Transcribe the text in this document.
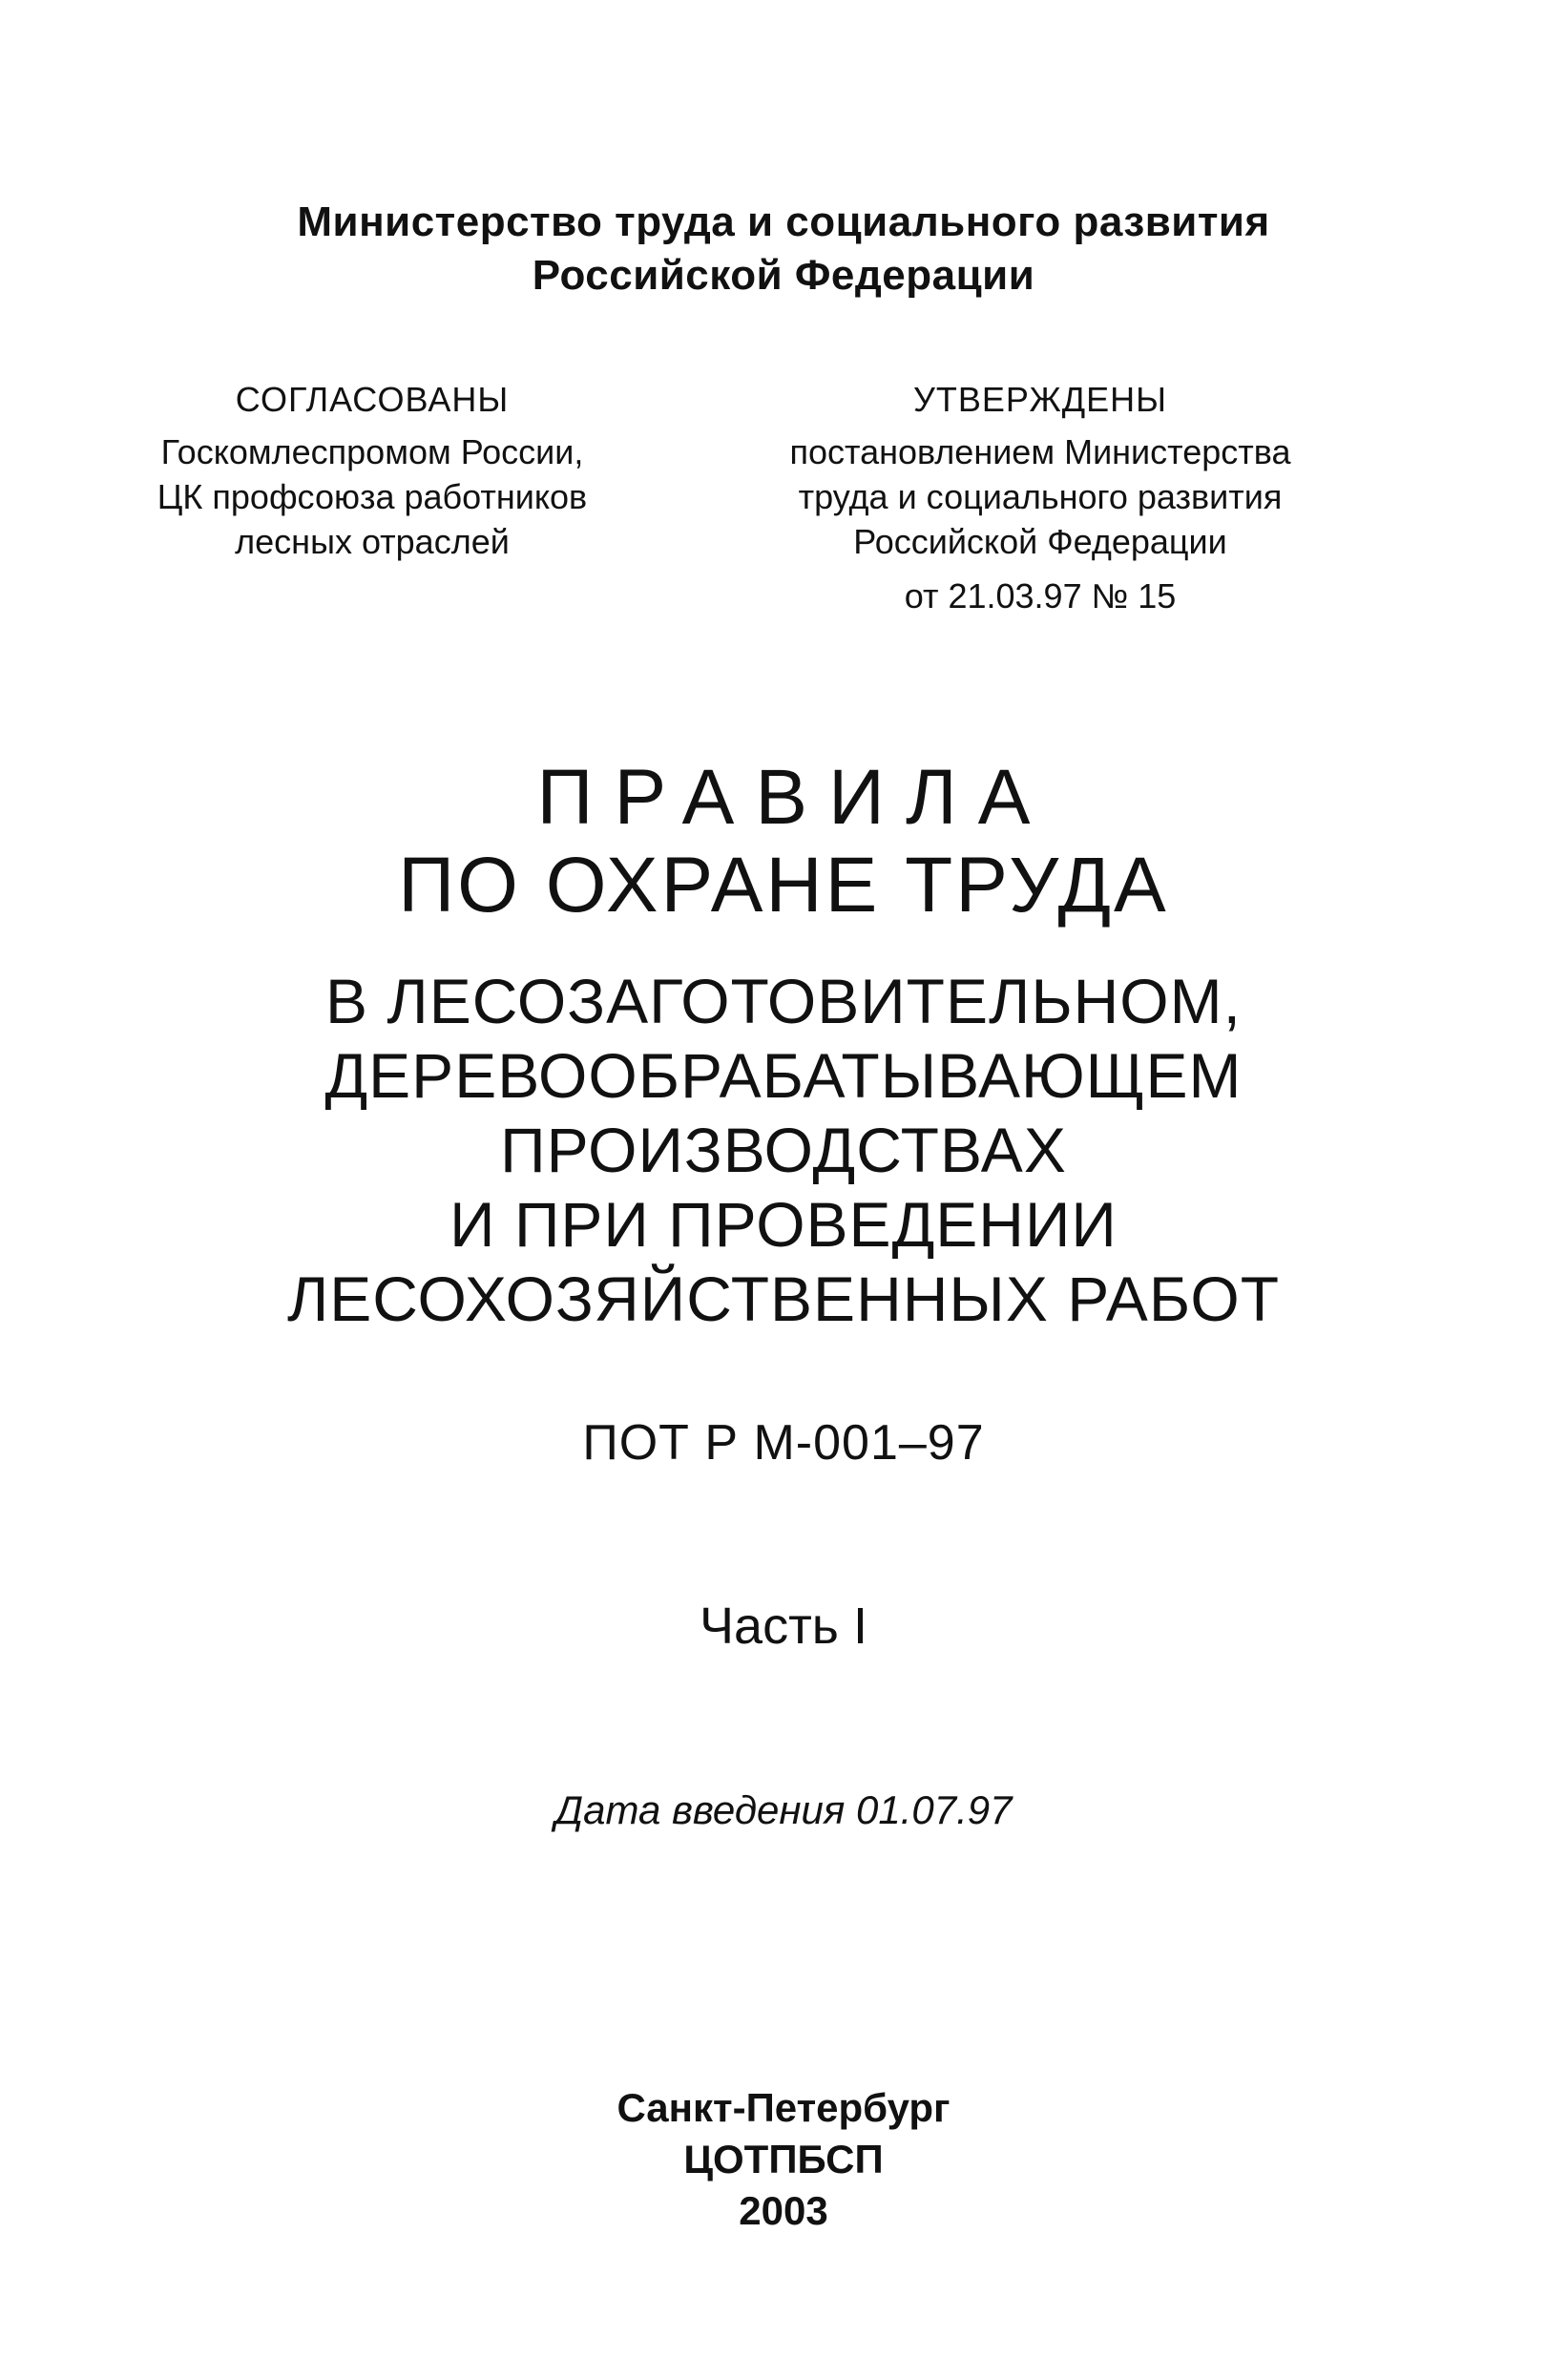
Министерство труда и социального развития
Российской Федерации
СОГЛАСОВАНЫ
Госкомлеспромом России,
ЦК профсоюза работников
лесных отраслей
УТВЕРЖДЕНЫ
постановлением Министерства
труда и социального развития
Российской Федерации
от 21.03.97 № 15
ПРАВИЛА
ПО ОХРАНЕ ТРУДА
В ЛЕСОЗАГОТОВИТЕЛЬНОМ,
ДЕРЕВООБРАБАТЫВАЮЩЕМ
ПРОИЗВОДСТВАХ
И ПРИ ПРОВЕДЕНИИ
ЛЕСОХОЗЯЙСТВЕННЫХ РАБОТ
ПОТ Р М-001–97
Часть I
Дата введения 01.07.97
Санкт-Петербург
ЦОТПБСП
2003
